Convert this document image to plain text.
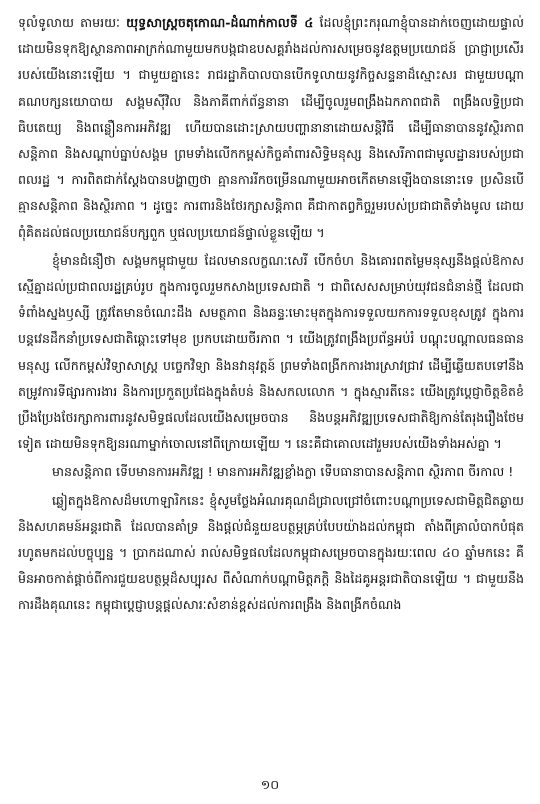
ទុលំទូលាយ តាមរយៈ យុទ្ធសាស្ត្រចតុកោណ-ដំណាក់កាលទី ៤ ដែលខ្ញុំព្រះករុណាខ្ញុំបានដាក់ចេញដោយផ្ទាល់ ដោយមិនទុកឱ្យស្ថានភាពអាក្រក់ណាមួយមកបង្កជាឧបសគ្គរាំងដល់ការសម្រេចនូវឧត្តមប្រយោជន៍ ប្រាជ្ញាប្រសើររបស់យើងនោះឡើយ ។ ជាមួយគ្នានេះ រាជរដ្ឋាភិបាលបានបើកទូលាយនូវកិច្ចសន្ទនាដ៏ស្មោះសរ ជាមួយបណ្ដាគណបក្សនយោបាយ សង្គមស៊ីវិល និងភាគីពាក់ព័ន្ធនានា ដើម្បីចូលរួមពង្រឹងឯកភាពជាតិ ពង្រឹងលទ្ធិប្រជាធិបតេយ្យ និងពន្លឿនការអភិវឌ្ឍ ហើយបានដោះស្រាយបញ្ហានានាដោយសន្តិវិធី ដើម្បីធានាបាននូវស្ថិរភាព សន្តិភាព និងសណ្ដាប់ធ្នាប់សង្គម ព្រមទាំងលើកកម្ពស់កិច្ចគាំពារសិទ្ធិមនុស្ស និងសេរីភាពជាមូលដ្ឋានរបស់ប្រជាពលរដ្ឋ ។ ការពិតជាក់ស្ដែងបានបង្ហាញថា គ្មានការរីកចម្រើនណាមួយអាចកើតមានឡើងបាននោះទេ ប្រសិនបើគ្មានសន្តិភាព និងស្ថិរភាព ។ ដូច្នេះ ការពារនិងថែរក្សាសន្តិភាព គឺជាកាតព្វកិច្ចរួមរបស់ប្រជាជាតិទាំងមូល ដោយពុំគិតដល់ផលប្រយោជន៍បក្សពួក ឬផលប្រយោជន៍ផ្ទាល់ខ្លួនឡើយ ។

ខ្ញុំមានជំនឿថា សង្គមកម្ពុជាមួយ ដែលមានលក្ខណៈសេរី បើកចំហ និងគោរពតម្លៃមនុស្សនឹងផ្ដល់ឱកាសស្មើគ្នាដល់ប្រជាពលរដ្ឋគ្រប់រូប ក្នុងការចូលរួមកសាងប្រទេសជាតិ ។ ជាពិសេសសម្រាប់យុវជនជំនាន់ថ្មី ដែលជាទំពាំងស្នងឫស្សី ត្រូវតែមានចំណេះដឹង សមត្ថភាព និងឆន្ទៈមោះមុតក្នុងការទទួលយកការទទួលខុសត្រូវ ក្នុងការបន្តវេនដឹកនាំប្រទេសជាតិឆ្ពោះទៅមុខ ប្រកបដោយចីរភាព ។ យើងត្រូវពង្រឹងប្រព័ន្ធអប់រំ បណ្ដុះបណ្ដាលធនធានមនុស្ស លើកកម្ពស់វិទ្យាសាស្ត្រ បច្ចេកវិទ្យា និងនវានុវត្តន៍ ព្រមទាំងពង្រីកការងារស្រាវជ្រាវ ដើម្បីឆ្លើយតបទៅនឹងតម្រូវការទីផ្សារការងារ និងការប្រកួតប្រជែងក្នុងតំបន់ និងសកលលោក ។ ក្នុងស្មារតីនេះ យើងត្រូវប្ដេជ្ញាចិត្តខិតខំប្រឹងប្រែងថែរក្សាការពារនូវសមិទ្ធផលដែលយើងសម្រេចបាន និងបន្តអភិវឌ្ឍប្រទេសជាតិឱ្យកាន់តែរុងរឿងថែមទៀត ដោយមិនទុកឱ្យនរណាម្នាក់ចោលនៅពីក្រោយឡើយ ។ នេះគឺជាគោលដៅរួមរបស់យើងទាំងអស់គ្នា ។

មានសន្តិភាព ទើបមានការអភិវឌ្ឍ ! មានការអភិវឌ្ឍខ្លាំងក្លា ទើបធានាបានសន្តិភាព ស្ថិរភាព ចីរកាល !

ឆ្លៀតក្នុងឱកាសដ៏មហោឡារិកនេះ ខ្ញុំសូមថ្លែងអំណរគុណដ៏ជ្រាលជ្រៅចំពោះបណ្ដាប្រទេសជាមិត្តជិតឆ្ងាយ និងសហគមន៍អន្តរជាតិ ដែលបានគាំទ្រ និងផ្ដល់ជំនួយឧបត្ថម្ភគ្រប់បែបយ៉ាងដល់កម្ពុជា តាំងពីគ្រាលំបាកបំផុតរហូតមកដល់បច្ចុប្បន្ន ។ ប្រាកដណាស់ រាល់សមិទ្ធផលដែលកម្ពុជាសម្រេចបានក្នុងរយៈពេល ៤០ ឆ្នាំមកនេះ គឺមិនអាចកាត់ផ្ដាច់ពីការជួយឧបត្ថម្ភដ៏សប្បុរស ពីសំណាក់បណ្ដាមិត្តភក្តិ និងដៃគូអន្តរជាតិបានឡើយ ។ ជាមួយនឹងការដឹងគុណនេះ កម្ពុជាប្ដេជ្ញាបន្តផ្ដល់សារៈសំខាន់ខ្ពស់ដល់ការពង្រឹង និងពង្រីកចំណង

១០
